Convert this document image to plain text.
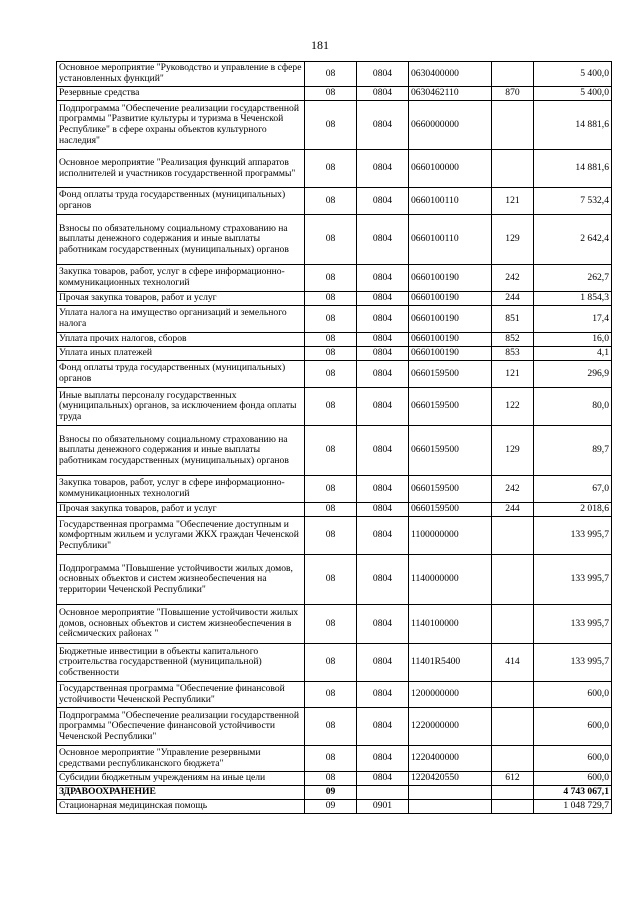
181
Основное мероприятие "Руководство и управление в сфере установленных функций"	08	0804	0630400000		5 400,0
Резервные средства	08	0804	0630462110	870	5 400,0
Подпрограмма "Обеспечение реализации государственной программы "Развитие культуры и туризма в Чеченской Республике" в сфере охраны объектов культурного наследия"	08	0804	0660000000		14 881,6
Основное мероприятие "Реализация функций аппаратов исполнителей и участников государственной программы"	08	0804	0660100000		14 881,6
Фонд оплаты труда государственных (муниципальных) органов	08	0804	0660100110	121	7 532,4
Взносы по обязательному социальному страхованию на выплаты денежного содержания и иные выплаты работникам государственных (муниципальных) органов	08	0804	0660100110	129	2 642,4
Закупка товаров, работ, услуг в сфере информационно-коммуникационных технологий	08	0804	0660100190	242	262,7
Прочая закупка товаров, работ и услуг	08	0804	0660100190	244	1 854,3
Уплата налога на имущество организаций и земельного налога	08	0804	0660100190	851	17,4
Уплата прочих налогов, сборов	08	0804	0660100190	852	16,0
Уплата иных платежей	08	0804	0660100190	853	4,1
Фонд оплаты труда государственных (муниципальных) органов	08	0804	0660159500	121	296,9
Иные выплаты персоналу государственных (муниципальных) органов, за исключением фонда оплаты труда	08	0804	0660159500	122	80,0
Взносы по обязательному социальному страхованию на выплаты денежного содержания и иные выплаты работникам государственных (муниципальных) органов	08	0804	0660159500	129	89,7
Закупка товаров, работ, услуг в сфере информационно-коммуникационных технологий	08	0804	0660159500	242	67,0
Прочая закупка товаров, работ и услуг	08	0804	0660159500	244	2 018,6
Государственная программа "Обеспечение доступным и комфортным жильем и услугами ЖКХ граждан Чеченской Республики"	08	0804	1100000000		133 995,7
Подпрограмма "Повышение устойчивости жилых домов, основных объектов и систем жизнеобеспечения на территории Чеченской Республики"	08	0804	1140000000		133 995,7
Основное мероприятие "Повышение устойчивости жилых домов, основных объектов и систем жизнеобеспечения в сейсмических районах "	08	0804	1140100000		133 995,7
Бюджетные инвестиции в объекты капитального строительства государственной (муниципальной) собственности	08	0804	11401R5400	414	133 995,7
Государственная программа "Обеспечение финансовой устойчивости Чеченской Республики"	08	0804	1200000000		600,0
Подпрограмма "Обеспечение реализации государственной программы "Обеспечение финансовой устойчивости Чеченской Республики"	08	0804	1220000000		600,0
Основное мероприятие "Управление резервными средствами республиканского бюджета"	08	0804	1220400000		600,0
Субсидии бюджетным учреждениям на иные цели	08	0804	1220420550	612	600,0
ЗДРАВООХРАНЕНИЕ	09				4 743 067,1
Стационарная медицинская помощь	09	0901			1 048 729,7
